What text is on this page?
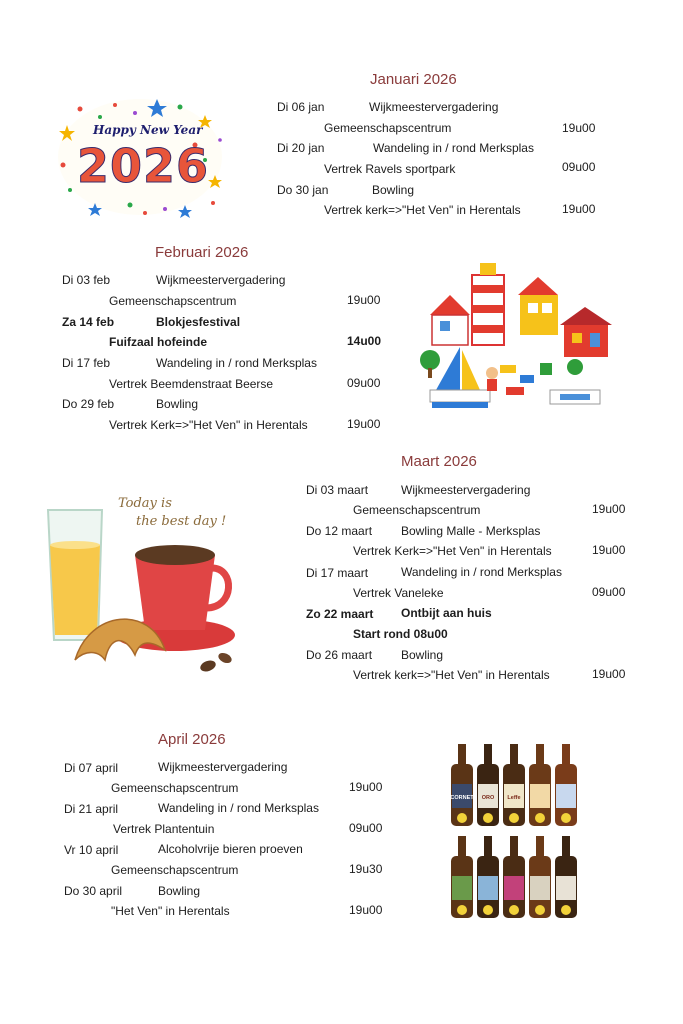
Januari 2026
Di 06 jan	Wijkmeestervergadering
Gemeenschapscentrum	19u00
Di 20 jan	Wandeling in / rond Merksplas
Vertrek Ravels sportpark	09u00
Do 30 jan	Bowling
Vertrek kerk=>"Het Ven" in Herentals	19u00
Happy New Year
2026
Februari 2026
Di 03 feb	Wijkmeestervergadering
Gemeenschapscentrum	19u00
Za 14 feb	Blokjesfestival
Fuifzaal hofeinde	14u00
Di 17 feb	Wandeling in / rond Merksplas
Vertrek Beemdenstraat Beerse	09u00
Do 29 feb	Bowling
Vertrek Kerk=>"Het Ven" in Herentals	19u00
Maart 2026
Di 03 maart	Wijkmeestervergadering
Gemeenschapscentrum	19u00
Do 12 maart Bowling Malle - Merksplas
Vertrek Kerk=>"Het Ven" in Herentals	19u00
Di 17 maart	Wandeling in / rond Merksplas
Vertrek Vaneleke	09u00
Zo 22 maart Ontbijt aan huis
Start rond 08u00
Do 26 maart Bowling
Vertrek kerk=>"Het Ven" in Herentals	19u00
Today is
the best day !
April 2026
Di 07 april	Wijkmeestervergadering
Gemeenschapscentrum	19u00
Di 21 april	Wandeling in / rond Merksplas
Vertrek Plantentuin	09u00
Vr 10 april	Alcoholvrije bieren proeven
Gemeenschapscentrum	19u30
Do 30 april	Bowling
"Het Ven" in Herentals	19u00
CORNET ORO Leffe
